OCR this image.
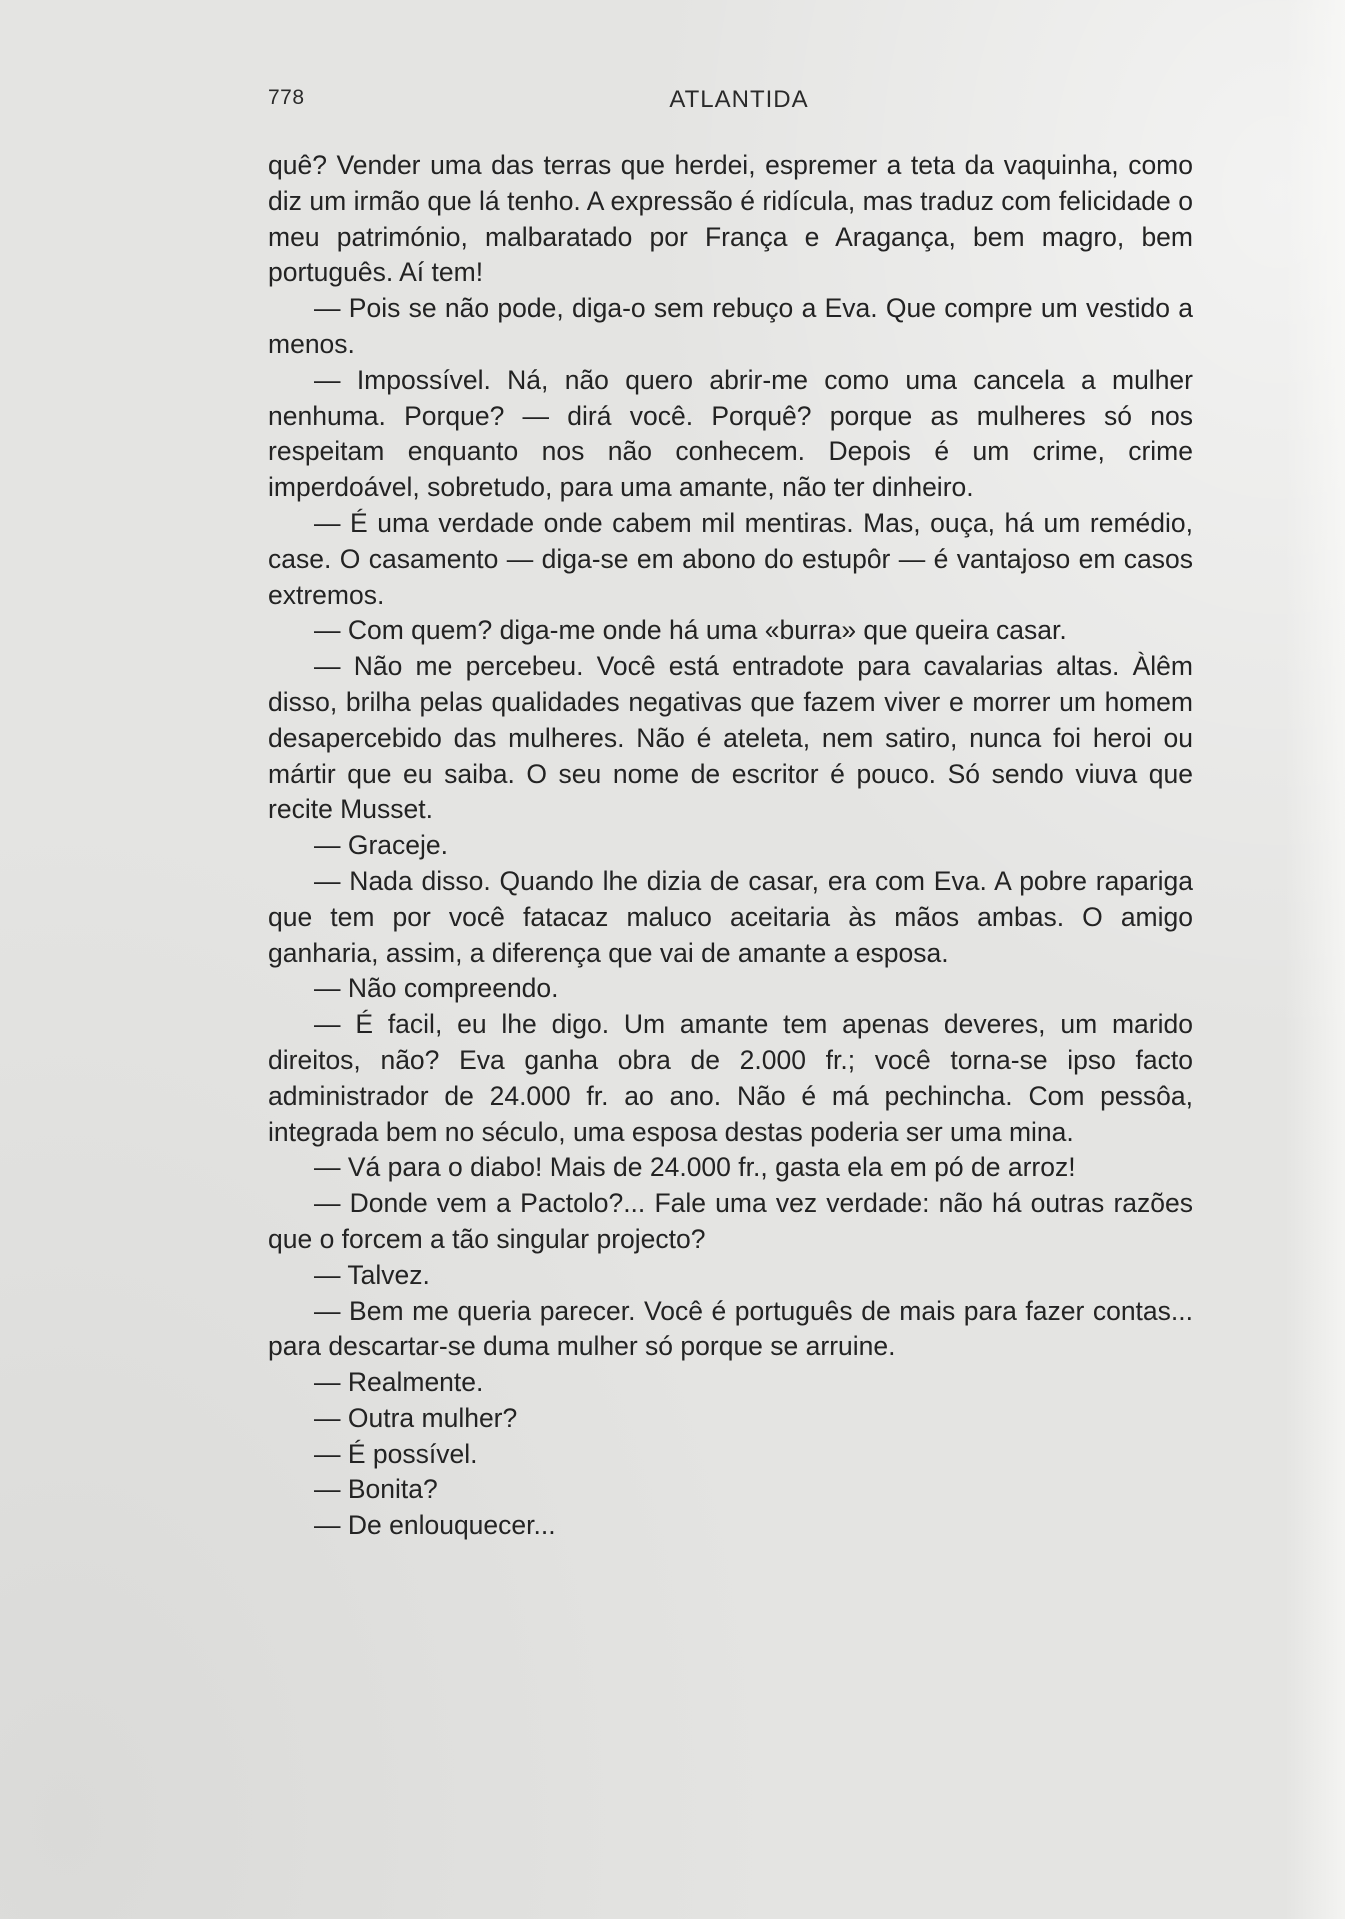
778	ATLANTIDA

quê? Vender uma das terras que herdei, espremer a teta da vaquinha, como diz um irmão que lá tenho. A expressão é ridícula, mas traduz com felicidade o meu património, malbaratado por França e Aragança, bem magro, bem português. Aí tem!

— Pois se não pode, diga-o sem rebuço a Eva. Que compre um vestido a menos.

— Impossível. Ná, não quero abrir-me como uma cancela a mulher nenhuma. Porque? — dirá você. Porquê? porque as mulheres só nos respeitam enquanto nos não conhecem. Depois é um crime, crime imperdoável, sobretudo, para uma amante, não ter dinheiro.

— É uma verdade onde cabem mil mentiras. Mas, ouça, há um remédio, case. O casamento — diga-se em abono do estupôr — é vantajoso em casos extremos.

— Com quem? diga-me onde há uma «burra» que queira casar.

— Não me percebeu. Você está entradote para cavalarias altas. Àlêm disso, brilha pelas qualidades negativas que fazem viver e morrer um homem desapercebido das mulheres. Não é ateleta, nem satiro, nunca foi heroi ou mártir que eu saiba. O seu nome de escritor é pouco. Só sendo viuva que recite Musset.

— Graceje.

— Nada disso. Quando lhe dizia de casar, era com Eva. A pobre rapariga que tem por você fatacaz maluco aceitaria às mãos ambas. O amigo ganharia, assim, a diferença que vai de amante a esposa.

— Não compreendo.

— É facil, eu lhe digo. Um amante tem apenas deveres, um marido direitos, não? Eva ganha obra de 2.000 fr.; você torna-se ipso facto administrador de 24.000 fr. ao ano. Não é má pechincha. Com pessôa, integrada bem no século, uma esposa destas poderia ser uma mina.

— Vá para o diabo! Mais de 24.000 fr., gasta ela em pó de arroz!

— Donde vem a Pactolo?... Fale uma vez verdade: não há outras razões que o forcem a tão singular projecto?

— Talvez.

— Bem me queria parecer. Você é português de mais para fazer contas... para descartar-se duma mulher só porque se arruine.

— Realmente.

— Outra mulher?

— É possível.

— Bonita?

— De enlouquecer...
